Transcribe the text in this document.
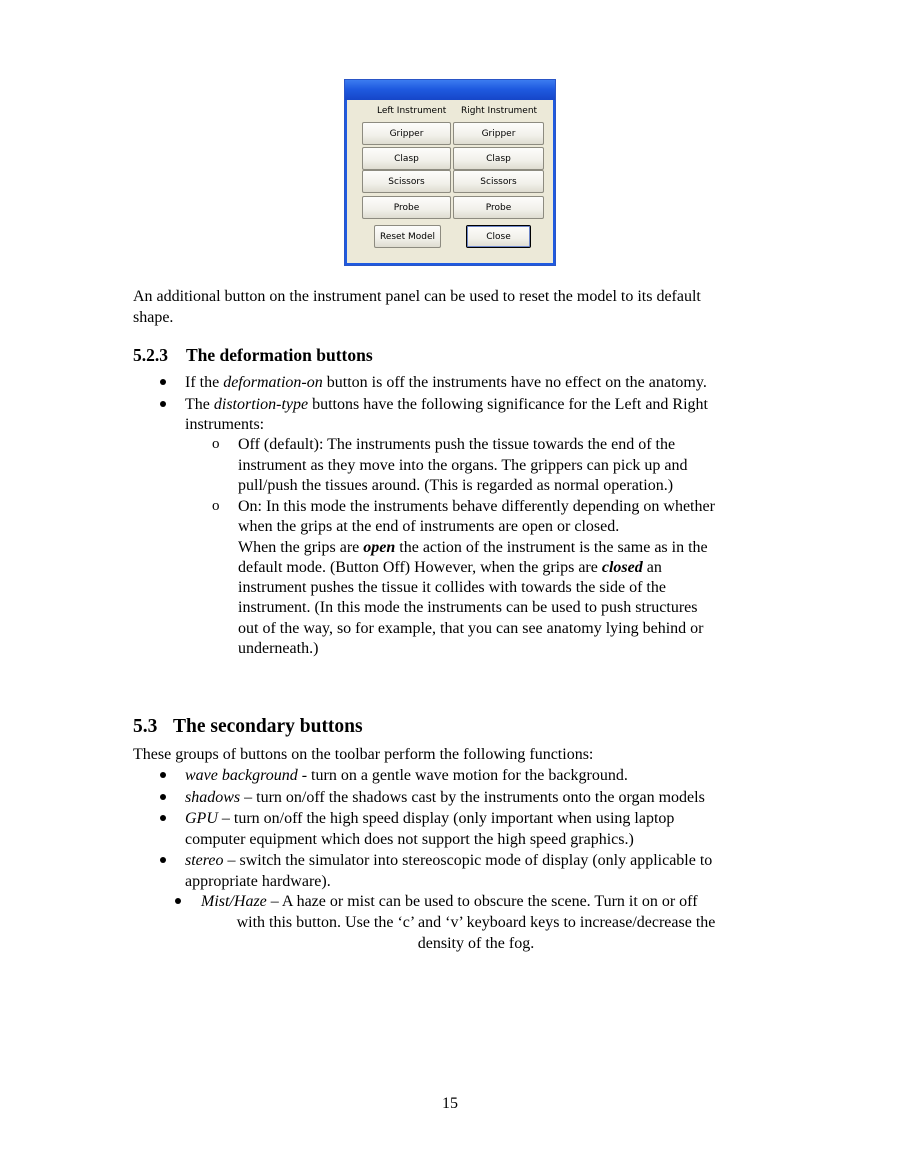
Left Instrument Right Instrument
Gripper	Gripper
Clasp	Clasp
Scissors	Scissors
Probe	Probe
Reset Model	Close

An additional button on the instrument panel can be used to reset the model to its default

shape.

5.2.3 The deformation buttons
If the deformation-on button is off the instruments have no effect on the anatomy.
The distortion-type buttons have the following significance for the Left and Right
instruments:
o Off (default): The instruments push the tissue towards the end of the
instrument as they move into the organs. The grippers can pick up and
pull/push the tissues around. (This is regarded as normal operation.)
o On: In this mode the instruments behave differently depending on whether
when the grips at the end of instruments are open or closed.
When the grips are open the action of the instrument is the same as in the
default mode. (Button Off) However, when the grips are closed an
instrument pushes the tissue it collides with towards the side of the
instrument. (In this mode the instruments can be used to push structures
out of the way, so for example, that you can see anatomy lying behind or
underneath.)
5.3 The secondary buttons
These groups of buttons on the toolbar perform the following functions:
wave background - turn on a gentle wave motion for the background.
shadows – turn on/off the shadows cast by the instruments onto the organ models
GPU – turn on/off the high speed display (only important when using laptop
computer equipment which does not support the high speed graphics.)
stereo – switch the simulator into stereoscopic mode of display (only applicable to
appropriate hardware).
Mist/Haze – A haze or mist can be used to obscure the scene. Turn it on or off
with this button. Use the ‘c’ and ‘v’ keyboard keys to increase/decrease the
density of the fog.
15
